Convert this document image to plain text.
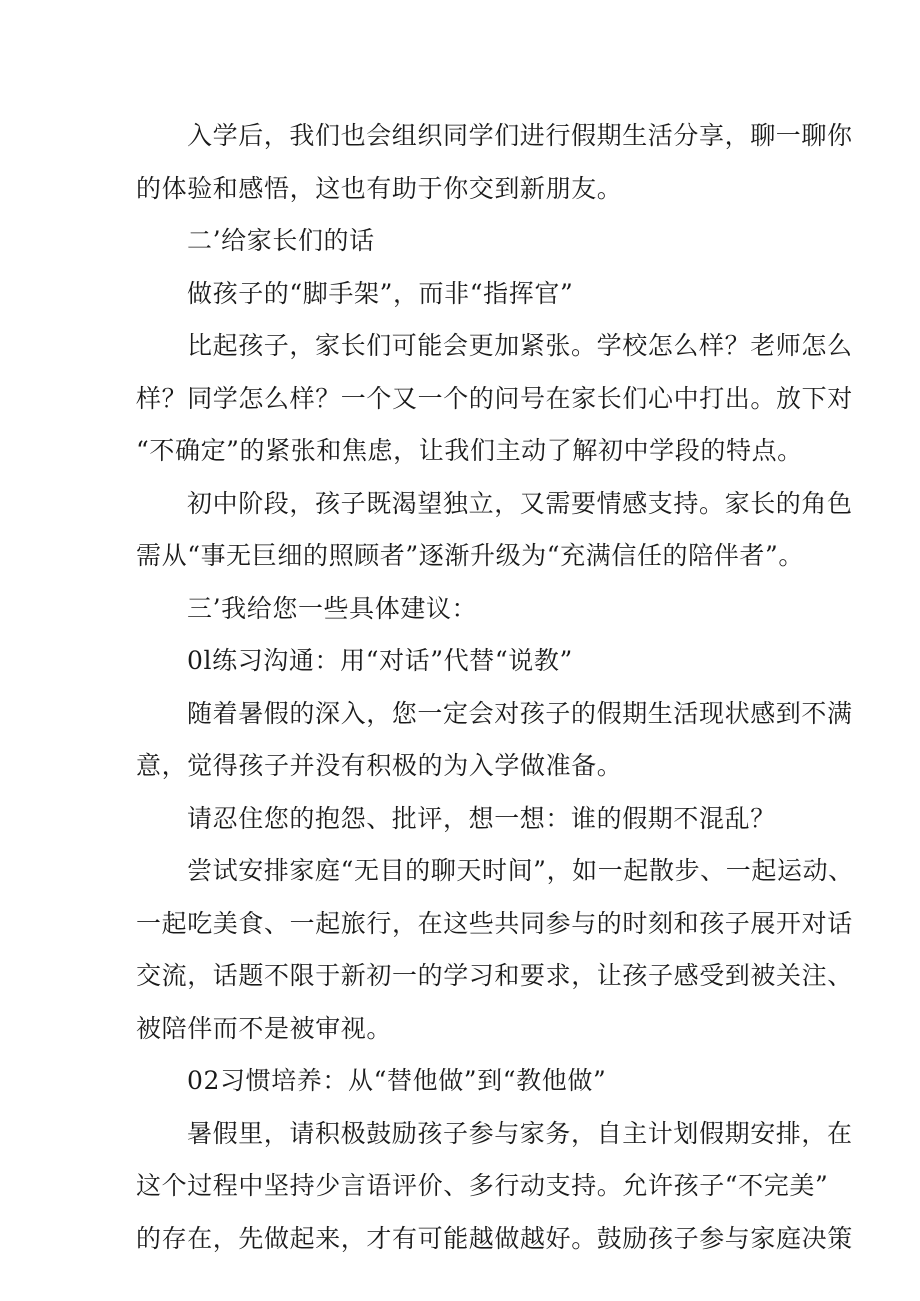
入学后，我们也会组织同学们进行假期生活分享，聊一聊你
的体验和感悟，这也有助于你交到新朋友。

二’给家长们的话

做孩子的“脚手架”，而非“指挥官”

比起孩子，家长们可能会更加紧张。学校怎么样？老师怎么
样？同学怎么样？一个又一个的问号在家长们心中打出。放下对
“不确定”的紧张和焦虑，让我们主动了解初中学段的特点。

初中阶段，孩子既渴望独立，又需要情感支持。家长的角色
需从“事无巨细的照顾者”逐渐升级为“充满信任的陪伴者”。

三’我给您一些具体建议：

0l练习沟通：用“对话”代替“说教”

随着暑假的深入，您一定会对孩子的假期生活现状感到不满
意，觉得孩子并没有积极的为入学做准备。

请忍住您的抱怨、批评，想一想：谁的假期不混乱？

尝试安排家庭“无目的聊天时间”，如一起散步、一起运动、
一起吃美食、一起旅行，在这些共同参与的时刻和孩子展开对话
交流，话题不限于新初一的学习和要求，让孩子感受到被关注、
被陪伴而不是被审视。

02习惯培养：从“替他做”到“教他做”

暑假里，请积极鼓励孩子参与家务，自主计划假期安排，在
这个过程中坚持少言语评价、多行动支持。允许孩子“不完美”
的存在，先做起来，才有可能越做越好。鼓励孩子参与家庭决策
